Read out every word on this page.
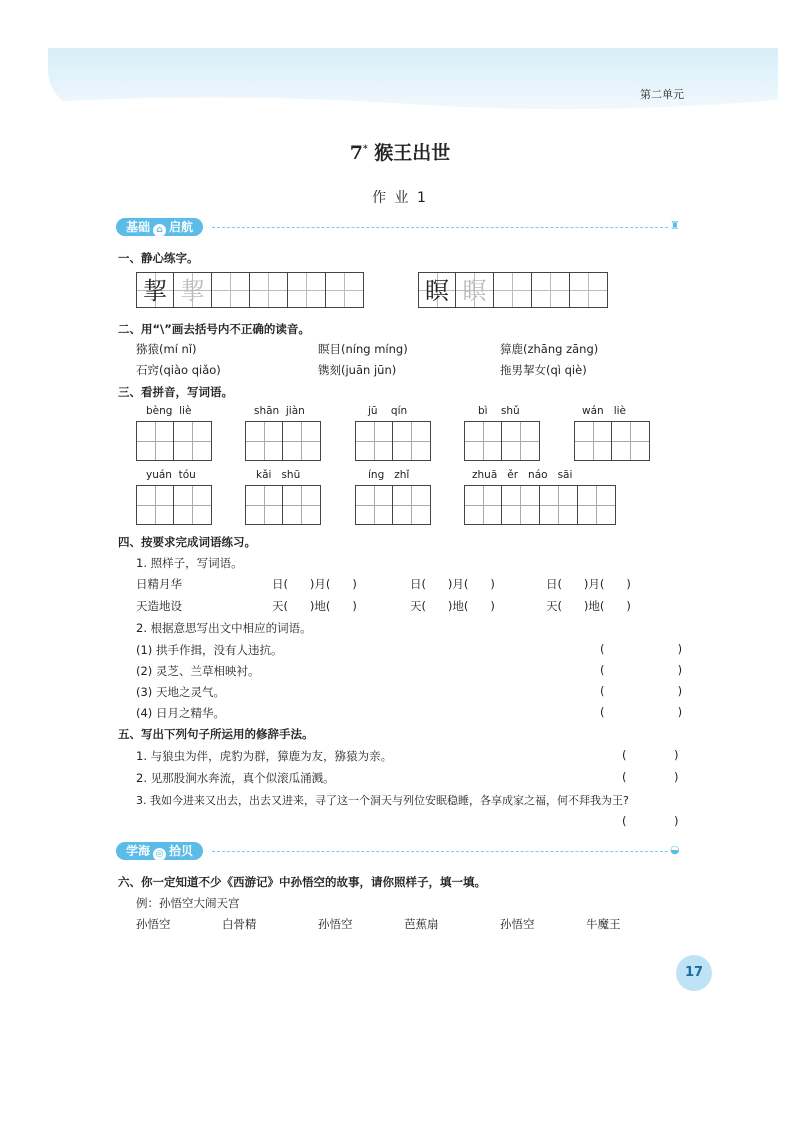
第二单元
7* 猴王出世
作 业 1
基础 ⌂ 启航	♜
一、静心练字。
挈 挈	瞑 瞑
二、用“\”画去括号内不正确的读音。
猕猿(mí nǐ)	瞑目(níng míng)	獐鹿(zhāng zāng)
石窍(qiào qiǎo)	镌刻(juān jūn)	拖男挈女(qì qiè)
三、看拼音，写词语。
bèng  liè	shān  jiàn	jū    qín	bì    shǔ	wán   liè
yuán  tóu	kǎi   shū	íng   zhǐ	zhuā   ěr   náo   sāi
四、按要求完成词语练习。
1. 照样子，写词语。
日精月华	日(      )月(      )	日(      )月(      )	日(      )月(      )
天造地设	天(      )地(      )	天(      )地(      )	天(      )地(      )
2. 根据意思写出文中相应的词语。
(1) 拱手作揖，没有人违抗。	(                    )
(2) 灵芝、兰草相映衬。	(                    )
(3) 天地之灵气。	(                    )
(4) 日月之精华。	(                    )
五、写出下列句子所运用的修辞手法。
1. 与狼虫为伴，虎豹为群，獐鹿为友，猕猿为亲。	(             )
2. 见那股涧水奔流，真个似滚瓜涌溅。	(             )
3. 我如今进来又出去，出去又进来，寻了这一个洞天与列位安眠稳睡，各享成家之福，何不拜我为王?
(             )
学海 ◎ 拾贝	◒
六、你一定知道不少《西游记》中孙悟空的故事，请你照样子，填一填。
例：孙悟空大闹天宫
孙悟空	白骨精	孙悟空	芭蕉扇	孙悟空	牛魔王
17
